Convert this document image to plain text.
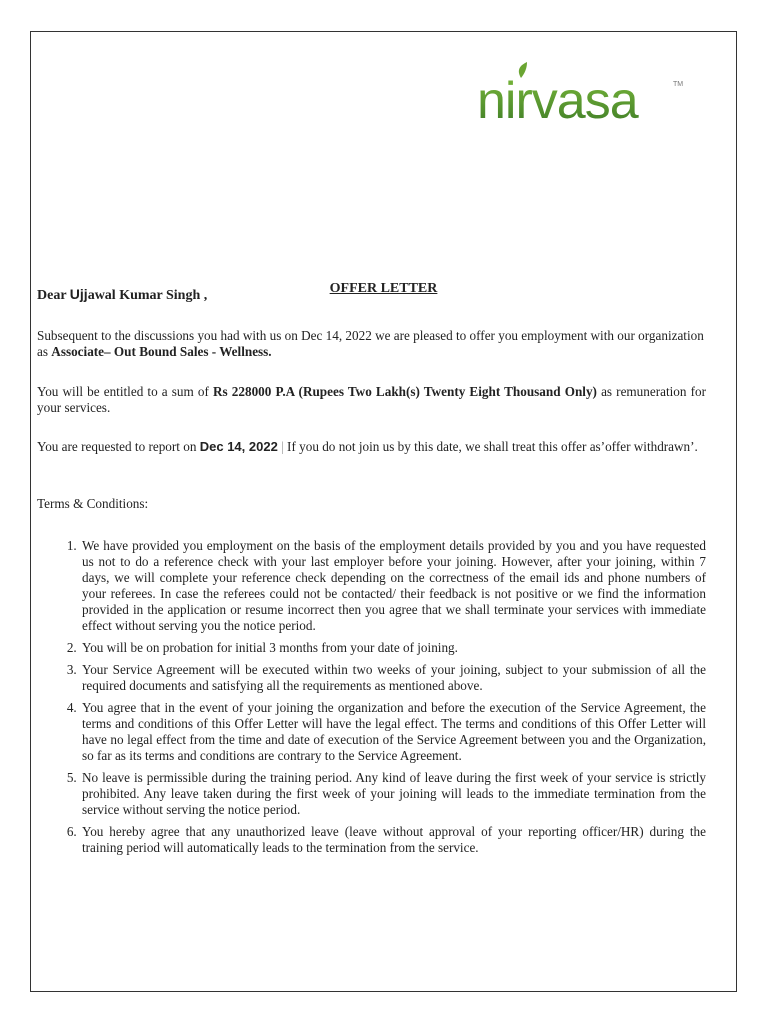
nirvasa	TM
OFFER LETTER
Dear Ujjawal Kumar Singh ,
Subsequent to the discussions you had with us on Dec 14, 2022 we are pleased to offer you employment with our organization as Associate– Out Bound Sales - Wellness.
You will be entitled to a sum of Rs 228000 P.A (Rupees Two Lakh(s) Twenty Eight Thousand Only) as remuneration for your services.
You are requested to report on Dec 14, 2022 | If you do not join us by this date, we shall treat this offer as’offer withdrawn’.
Terms & Conditions:
1. We have provided you employment on the basis of the employment details provided by you and you have requested us not to do a reference check with your last employer before your joining. However, after your joining, within 7 days, we will complete your reference check depending on the correctness of the email ids and phone numbers of your referees. In case the referees could not be contacted/ their feedback is not positive or we find the information provided in the application or resume incorrect then you agree that we shall terminate your services with immediate effect without serving you the notice period.
2. You will be on probation for initial 3 months from your date of joining.
3. Your Service Agreement will be executed within two weeks of your joining, subject to your submission of all the required documents and satisfying all the requirements as mentioned above.
4. You agree that in the event of your joining the organization and before the execution of the Service Agreement, the terms and conditions of this Offer Letter will have the legal effect. The terms and conditions of this Offer Letter will have no legal effect from the time and date of execution of the Service Agreement between you and the Organization, so far as its terms and conditions are contrary to the Service Agreement.
5. No leave is permissible during the training period. Any kind of leave during the first week of your service is strictly prohibited. Any leave taken during the first week of your joining will leads to the immediate termination from the service without serving the notice period.
6. You hereby agree that any unauthorized leave (leave without approval of your reporting officer/HR) during the training period will automatically leads to the termination from the service.
